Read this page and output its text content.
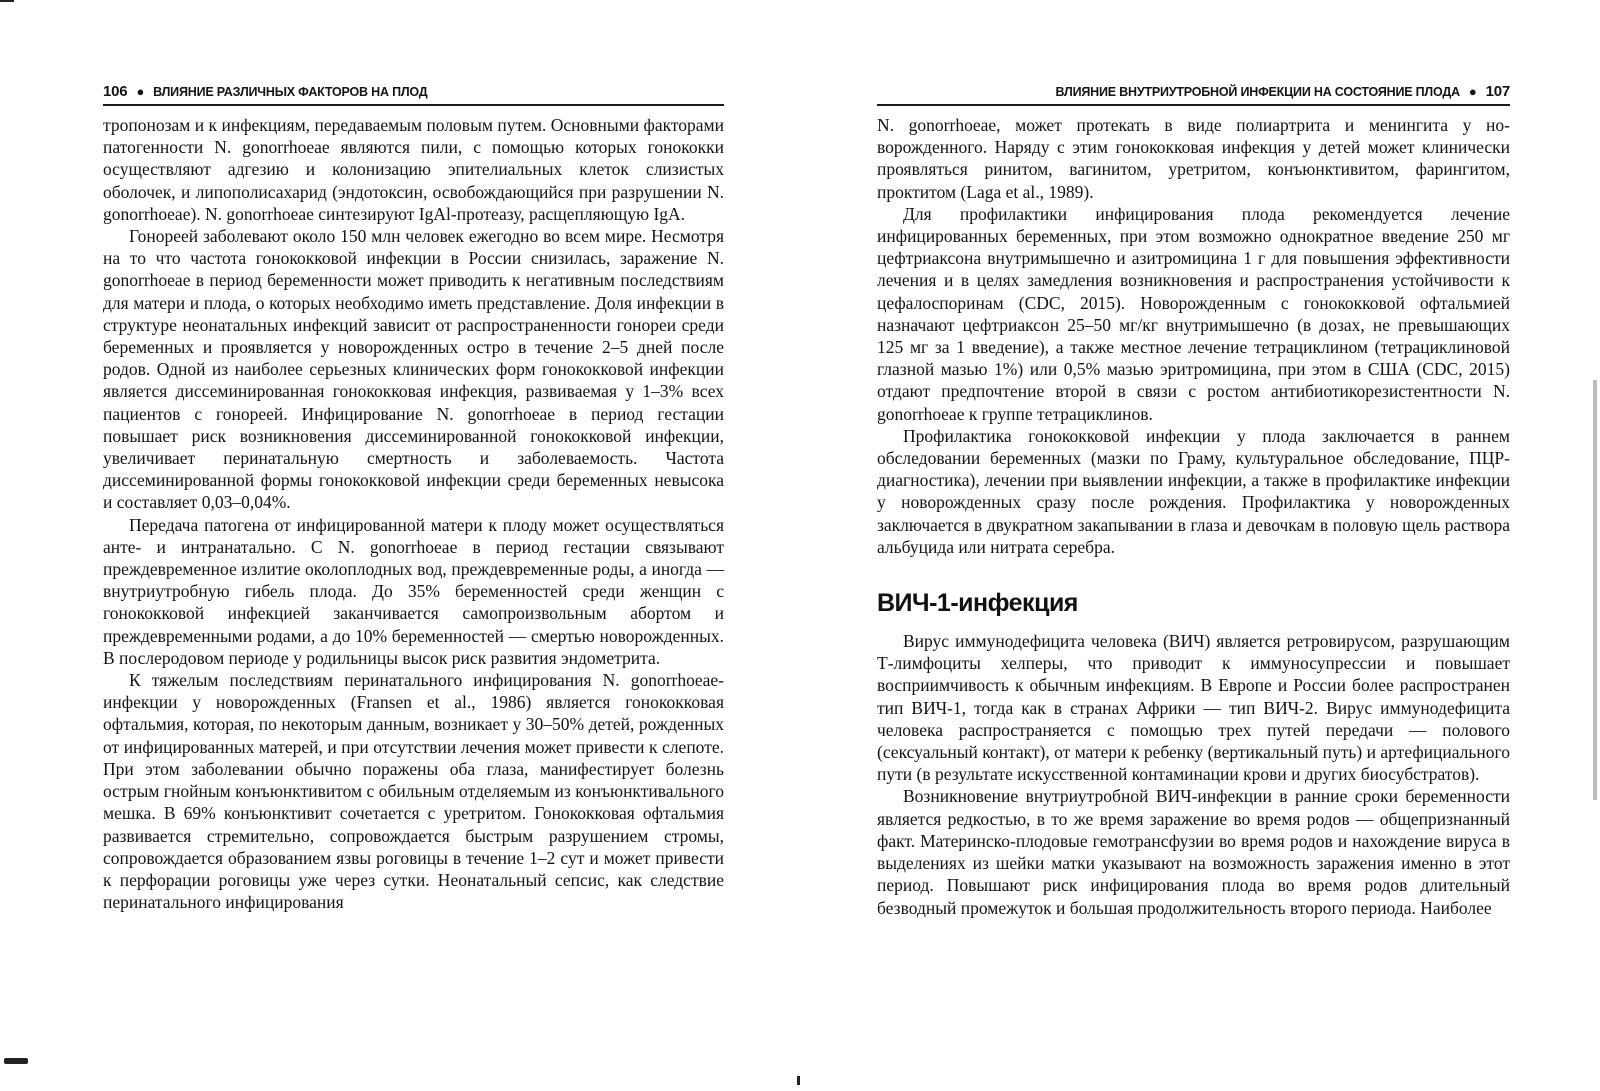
106 ● ВЛИЯНИЕ РАЗЛИЧНЫХ ФАКТОРОВ НА ПЛОД

тропонозам и к инфекциям, передаваемым половым путем. Основными факторами патогенности N. gonorrhoeae являются пили, с помощью которых гонококки осуществляют адгезию и колонизацию эпителиальных клеток слизистых оболочек, и липополисахарид (эндотоксин, освобождающийся при разрушении N. gonorrhoeae). N. gonorrhoeae синтезируют IgAl-протеазу, расщепляющую IgA.

Гонореей заболевают около 150 млн человек ежегодно во всем мире. Несмотря на то что частота гонококковой инфекции в России снизилась, заражение N. gonorrhoeae в период беременности может приводить к негативным последствиям для матери и плода, о которых необходимо иметь представление. Доля инфекции в структуре неонатальных инфекций зависит от распространенности гонореи среди беременных и проявляется у новорожденных остро в течение 2–5 дней после родов. Одной из наиболее серьезных клинических форм гонококковой инфекции является диссеминированная гонококковая инфекция, развиваемая у 1–3% всех пациентов с гонореей. Инфицирование N. gonorrhoeae в период гестации повышает риск возникновения диссеминированной гонококковой инфекции, увеличивает перинатальную смертность и заболеваемость. Частота диссеминированной формы гонококковой инфекции среди беременных невысока и составляет 0,03–0,04%.

Передача патогена от инфицированной матери к плоду может осуществляться анте- и интранатально. С N. gonorrhoeae в период гестации связывают преждевременное излитие околоплодных вод, преждевременные роды, а иногда — внутриутробную гибель плода. До 35% беременностей среди женщин с гонококковой инфекцией заканчивается самопроизвольным абортом и преждевременными родами, а до 10% беременностей — смертью новорожденных. В послеродовом периоде у родильницы высок риск развития эндометрита.

К тяжелым последствиям перинатального инфицирования N. gonorrhoeae-инфекции у новорожденных (Fransen et al., 1986) является гонококковая офтальмия, которая, по некоторым данным, возникает у 30–50% детей, рожденных от инфицированных матерей, и при отсутствии лечения может привести к слепоте. При этом заболевании обычно поражены оба глаза, манифестирует болезнь острым гнойным конъюнктивитом с обильным отделяемым из конъюнктивального мешка. В 69% конъюнктивит сочетается с уретритом. Гонококковая офтальмия развивается стремительно, сопровождается быстрым разрушением стромы, сопровождается образованием язвы роговицы в течение 1–2 сут и может привести к перфорации роговицы уже через сутки. Неонатальный сепсис, как следствие перинатального инфицирования

ВЛИЯНИЕ ВНУТРИУТРОБНОЙ ИНФЕКЦИИ НА СОСТОЯНИЕ ПЛОДА ● 107

N. gonorrhoeae, может протекать в виде полиартрита и менингита у новорожденного. Наряду с этим гонококковая инфекция у детей может клинически проявляться ринитом, вагинитом, уретритом, конъюнктивитом, фарингитом, проктитом (Laga et al., 1989).

Для профилактики инфицирования плода рекомендуется лечение инфицированных беременных, при этом возможно однократное введение 250 мг цефтриаксона внутримышечно и азитромицина 1 г для повышения эффективности лечения и в целях замедления возникновения и распространения устойчивости к цефалоспоринам (CDC, 2015). Новорожденным с гонококковой офтальмией назначают цефтриаксон 25–50 мг/кг внутримышечно (в дозах, не превышающих 125 мг за 1 введение), а также местное лечение тетрациклином (тетрациклиновой глазной мазью 1%) или 0,5% мазью эритромицина, при этом в США (CDC, 2015) отдают предпочтение второй в связи с ростом антибиотикорезистентности N. gonorrhoeae к группе тетрациклинов.

Профилактика гонококковой инфекции у плода заключается в раннем обследовании беременных (мазки по Граму, культуральное обследование, ПЦР-диагностика), лечении при выявлении инфекции, а также в профилактике инфекции у новорожденных сразу после рождения. Профилактика у новорожденных заключается в двукратном закапывании в глаза и девочкам в половую щель раствора альбуцида или нитрата серебра.

ВИЧ-1-инфекция

Вирус иммунодефицита человека (ВИЧ) является ретровирусом, разрушающим Т-лимфоциты хелперы, что приводит к иммуносупрессии и повышает восприимчивость к обычным инфекциям. В Европе и России более распространен тип ВИЧ-1, тогда как в странах Африки — тип ВИЧ-2. Вирус иммунодефицита человека распространяется с помощью трех путей передачи — полового (сексуальный контакт), от матери к ребенку (вертикальный путь) и артефициального пути (в результате искусственной контаминации крови и других биосубстратов).

Возникновение внутриутробной ВИЧ-инфекции в ранние сроки беременности является редкостью, в то же время заражение во время родов — общепризнанный факт. Материнско-плодовые гемотрансфузии во время родов и нахождение вируса в выделениях из шейки матки указывают на возможность заражения именно в этот период. Повышают риск инфицирования плода во время родов длительный безводный промежуток и большая продолжительность второго периода. Наиболее
